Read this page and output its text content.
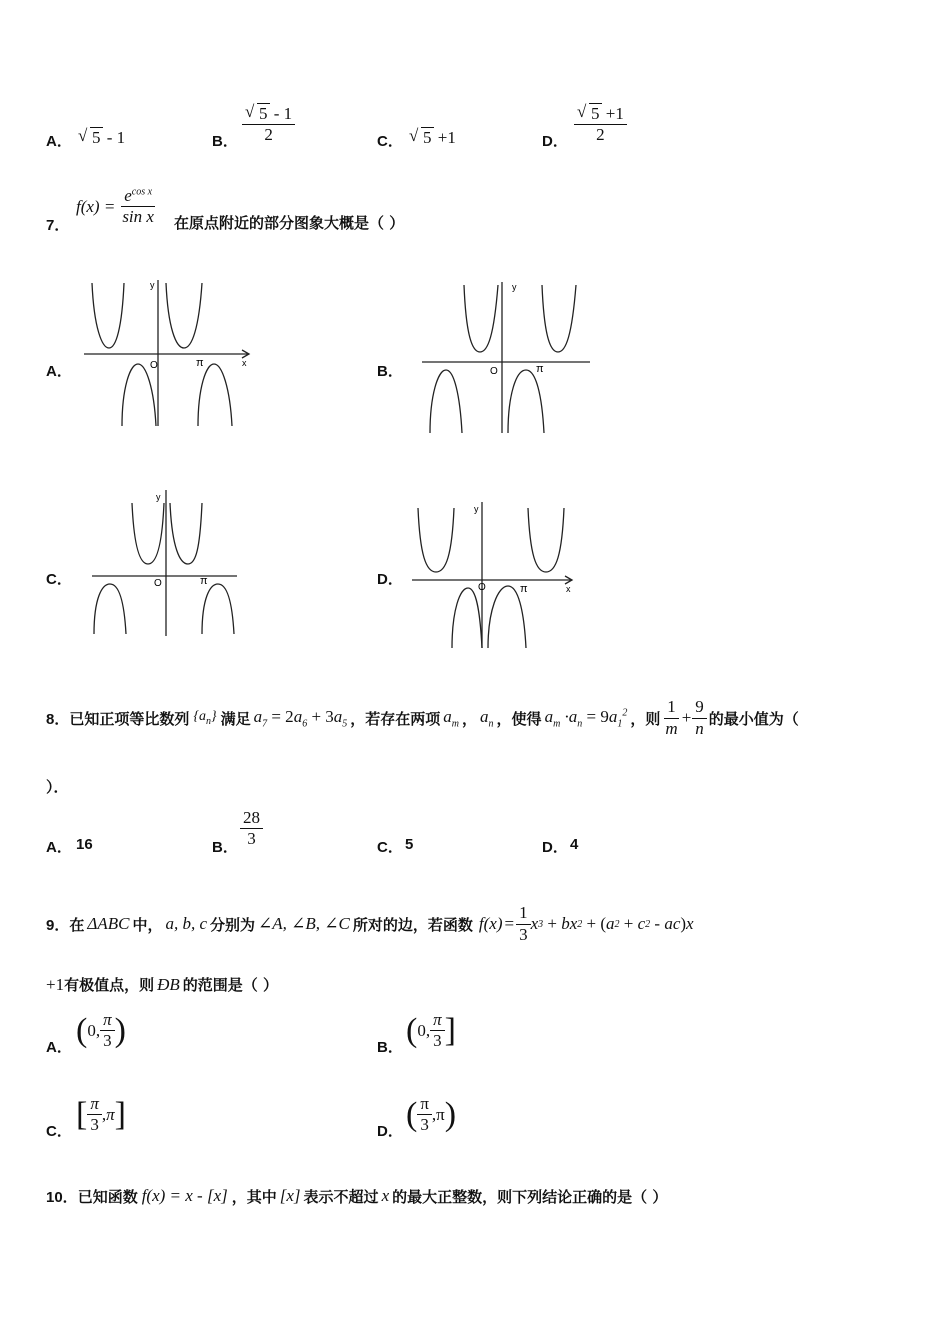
A．	√ 5 - 1	B． √ $\frac{5 - 1}{2}$	C．	√ 5 +1	D． √ $\frac{5 +1}{2}$
7．
$f(x) = \frac{e^{cos x}}{\text{sin x}}$ 在原点附近的部分图象大概是（ ）
A．	B．
C．	D．
y
x
O	π
y
O	π
y
O	π
y
x
O	π
8． 已知正项等比数列 $\{a_n\}$ 满足 $a_7 = 2a_6 + 3a_5$ ，若存在两项 $a_m$ ， $a_n$ ，使得 $a_m \cdot a_n = 9a_1^2$ ，则 $\frac{1}{m} + \frac{9}{n}$ 的最小值为（
）．
A． 16	B． $\frac{28}{3}$	C． 5	D． 4
9． 在 ΔABC 中， a, b, c 分别为 ∠A, ∠B, ∠C 所对的边，若函数 $f(x) = \frac{1}{3}$ x 3 + bx 2 + ( a 2 + c 2 - ac ) x
+1 有极值点，则 ÐB 的范围是（ ）
A． ( 0, $\frac{\pi}{3}$ )	B． ( 0, $\frac{\pi}{3}$ ]
C． [ $\frac{\pi}{3}$ , π ]	D． ( $\frac{\pi}{3} ,\pi$ )
10． 已知函数 f(x) = x - [x] ，其中 [x] 表示不超过 x 的最大正整数，则下列结论正确的是（ ）
